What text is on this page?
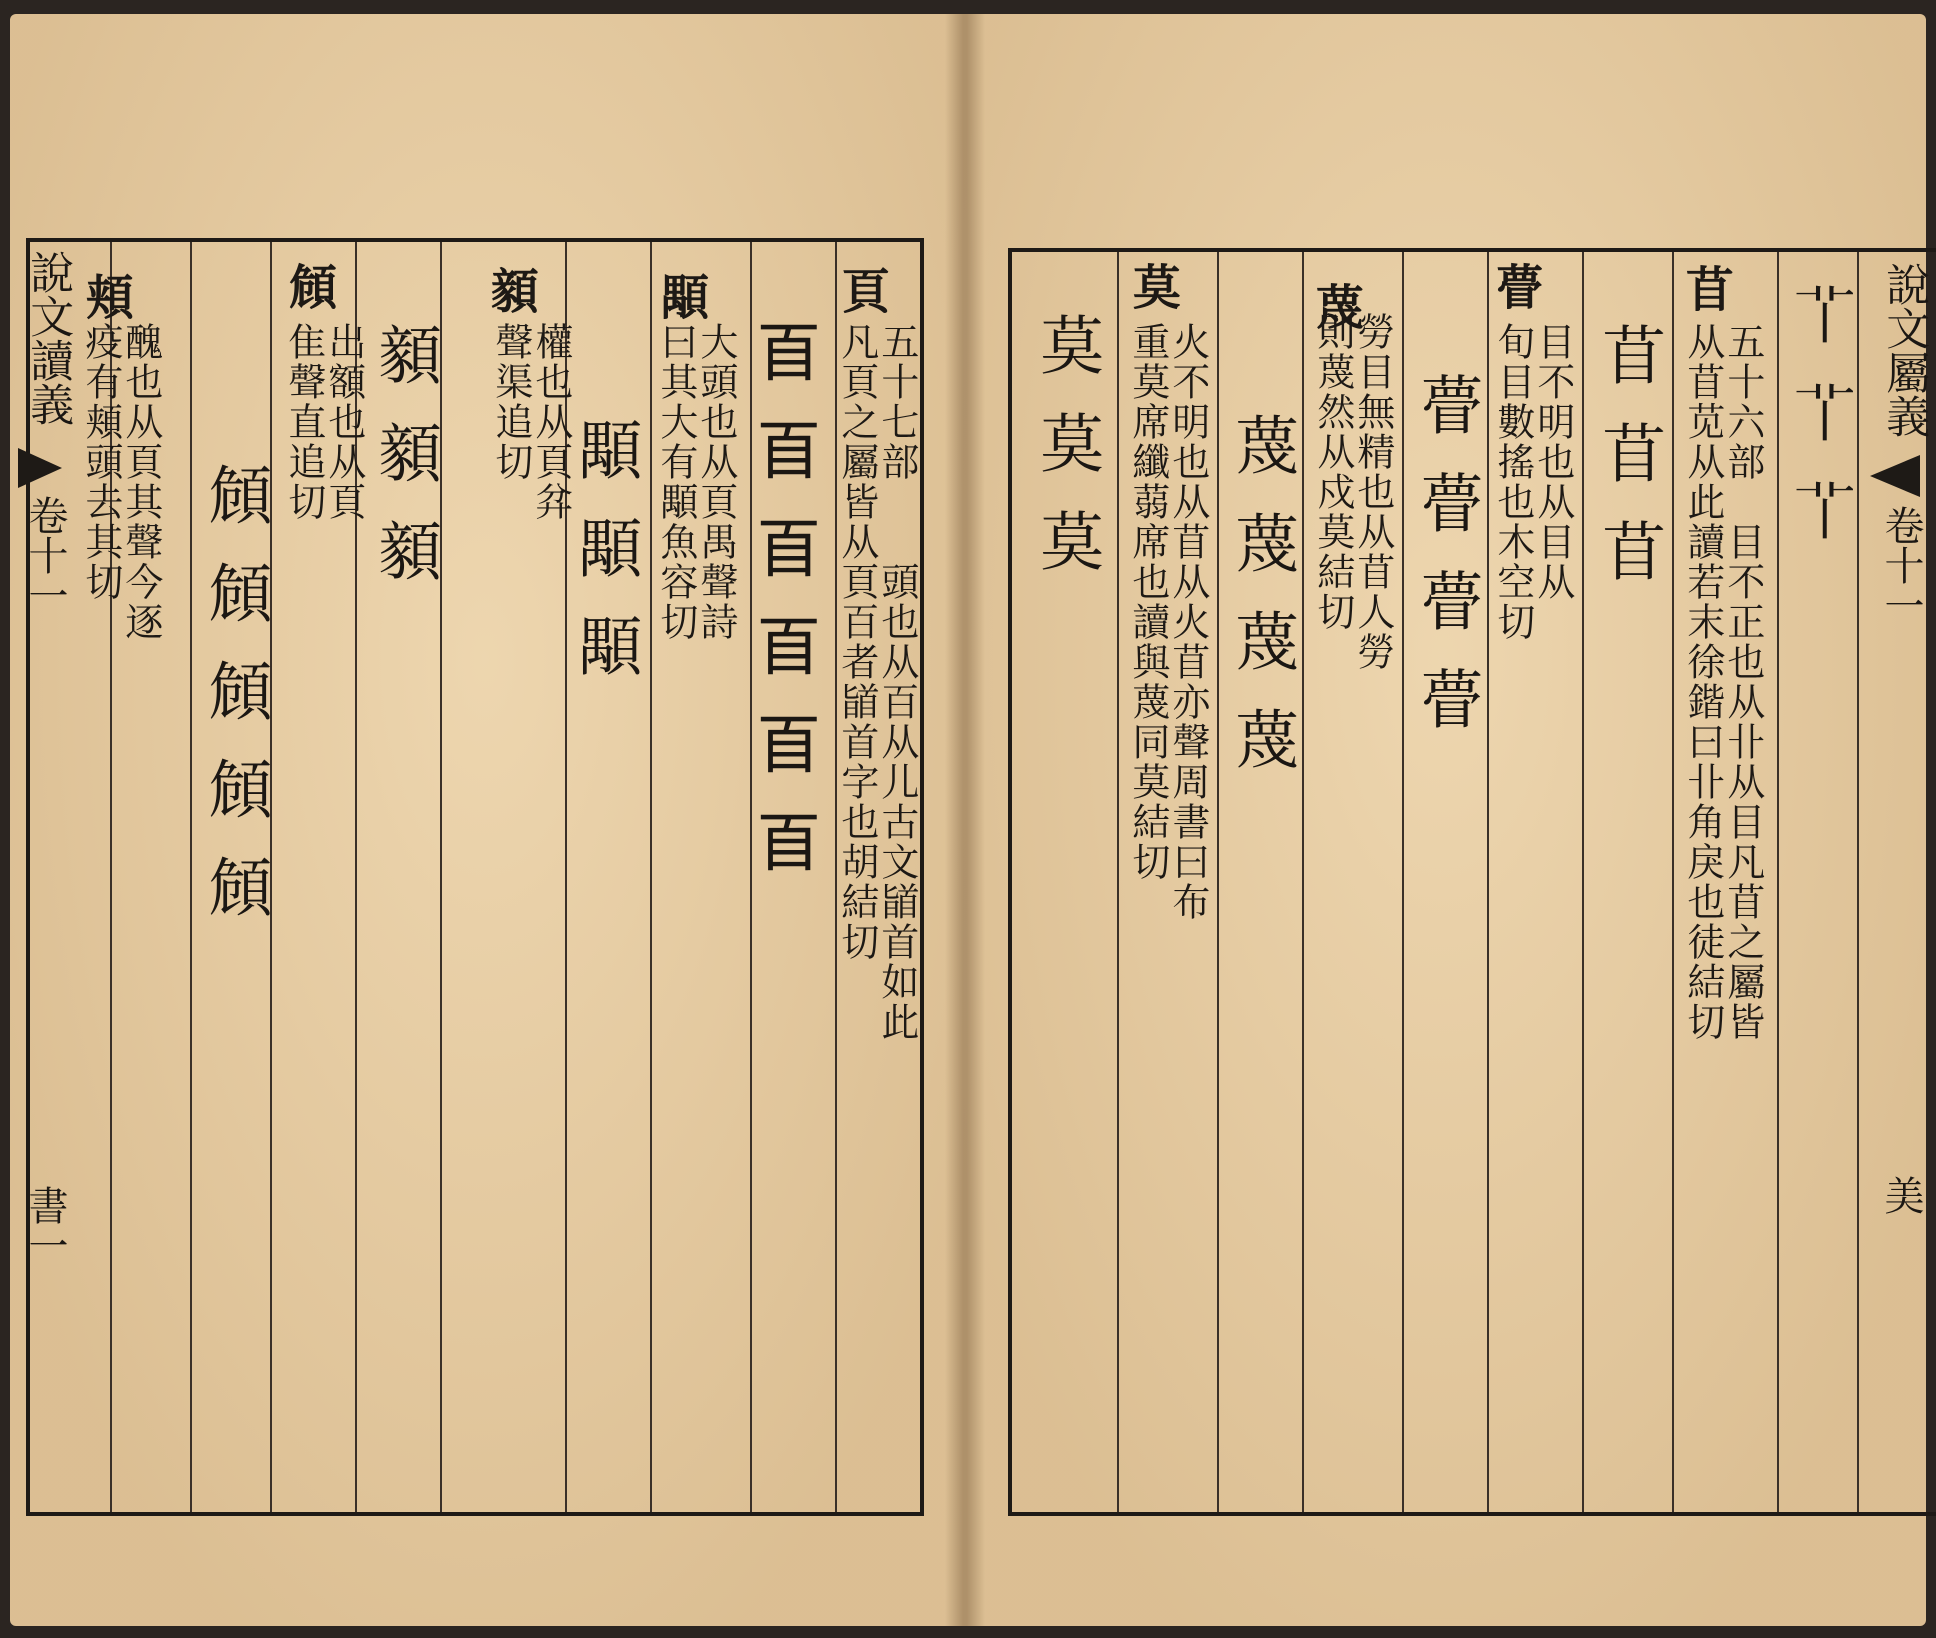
頁
五十七部　　頭也从百从儿古文䭫首如此
凡頁之屬皆从頁百者䭫首字也胡結切
𦣻𦣻𦣻𦣻𦣻𦣻
顒
大頭也从頁禺聲詩
曰其大有顒魚容切
顒顒顒
顡
權也从頁弅
聲渠追切
顡顡顡
頠
出額也从頁
隹聲直追切
頠頠頠頠頠
頬
醜也从頁其聲今逐
疫有頬頭去其切
說文讀義
卷十一
書一
苜
五十六部　目不正也从卝从目凡苜之屬皆
从苜苋从此讀若末徐鍇曰卝角戾也徒結切 𦫳𦫳𦫳
苜苜苜
瞢
目不明也从目从
旬目數搖也木空切
瞢瞢瞢瞢
蔑
勞目無精也从苜人勞
則蔑然从戍莫結切
蔑蔑蔑蔑
莫
火不明也从苜从火苜亦聲周書曰布
重莫席纖蒻席也讀與蔑同莫結切
莫莫莫	說文屬義
卷十一
美
